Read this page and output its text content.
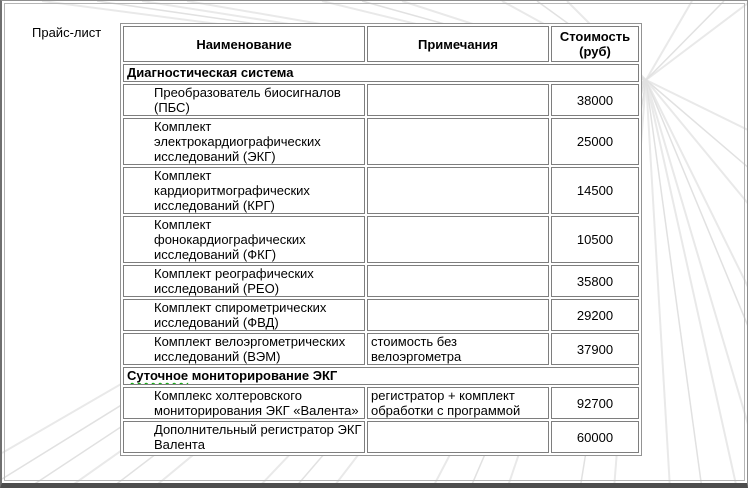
Прайс-лист
Наименование	Примечания	Стоимость (руб)
Диагностическая система		
Преобразователь биосигналов (ПБС)		38000
Комплект электрокардиографических исследований (ЭКГ)		25000
Комплект кардиоритмографических исследований (КРГ)		14500
Комплект фонокардиографических исследований (ФКГ)		10500
Комплект реографических исследований (РЕО)		35800
Комплект спирометрических исследований (ФВД)		29200
Комплект велоэргометрических исследований (ВЭМ)	стоимость без велоэргометра	37900
Суточное мониторирование ЭКГ		
Комплекс холтеровского мониторирования ЭКГ «Валента»	регистратор + комплект обработки с программой	92700
Дополнительный регистратор ЭКГ Валента		60000
